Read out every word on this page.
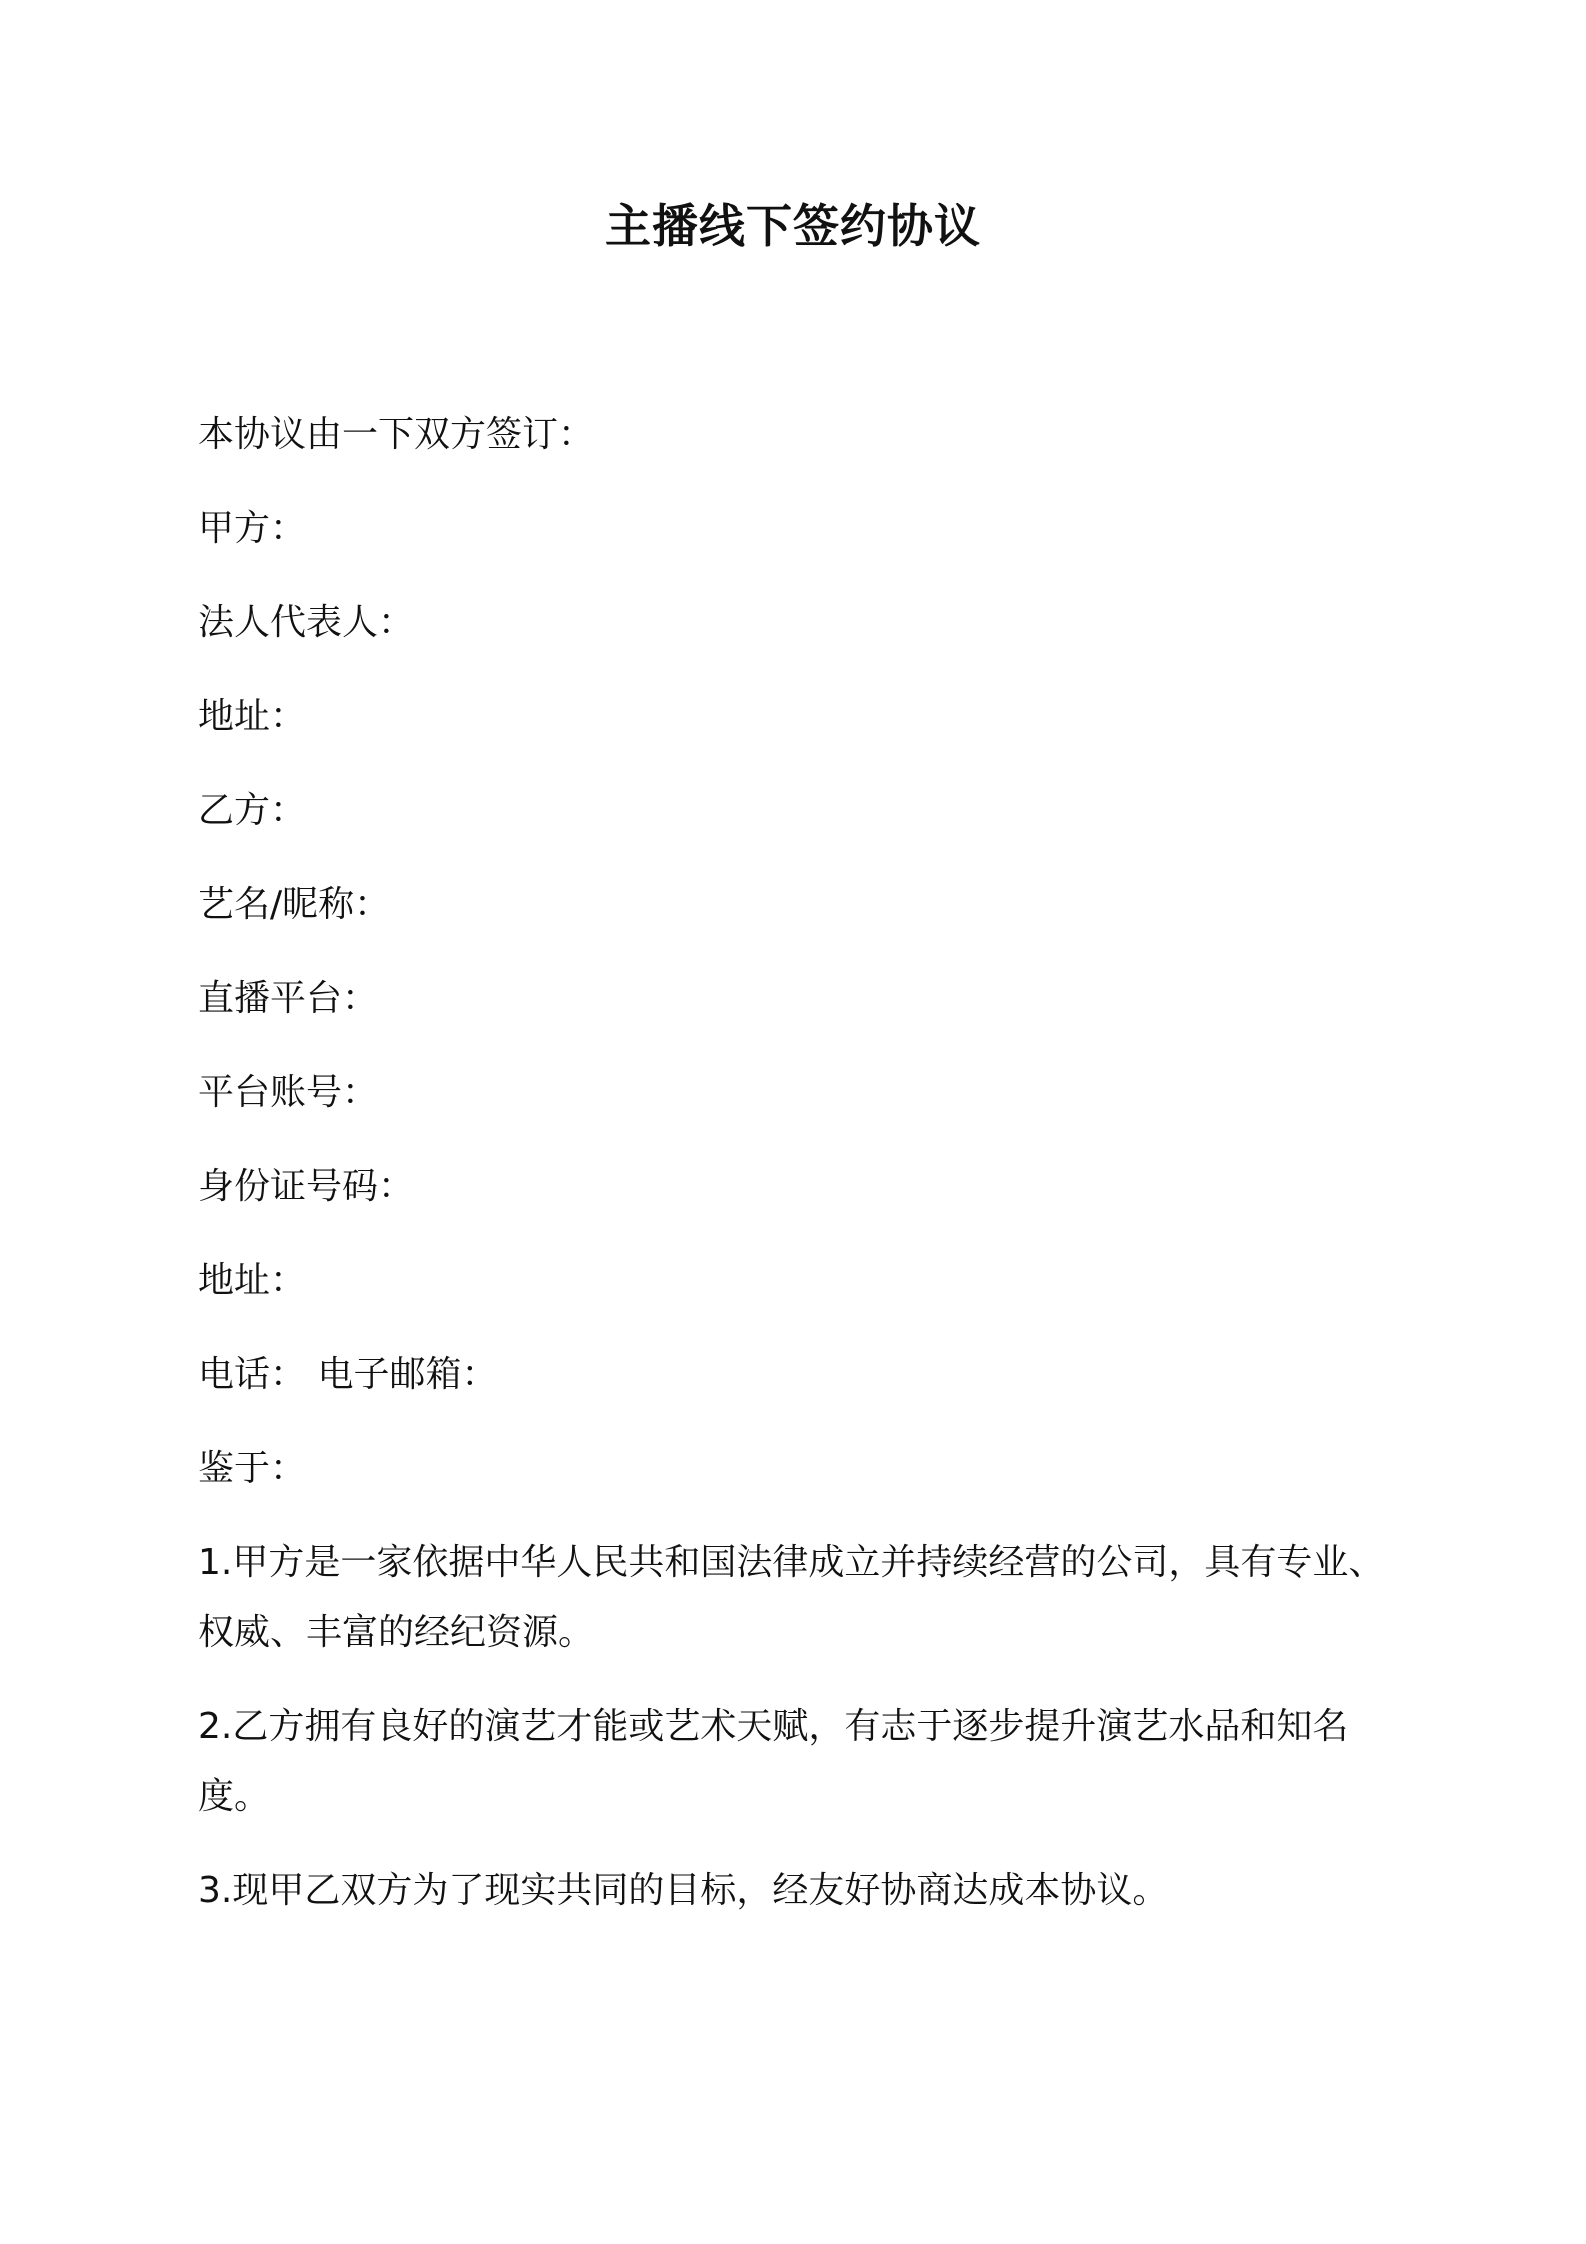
主播线下签约协议
本协议由一下双方签订：
甲方：
法人代表人：
地址：
乙方：
艺名/昵称：
直播平台：
平台账号：
身份证号码：
地址：
电话： 电子邮箱：
鉴于：
1.甲方是一家依据中华人民共和国法律成立并持续经营的公司，具有专业、权威、丰富的经纪资源。
2.乙方拥有良好的演艺才能或艺术天赋，有志于逐步提升演艺水品和知名度。
3.现甲乙双方为了现实共同的目标，经友好协商达成本协议。
